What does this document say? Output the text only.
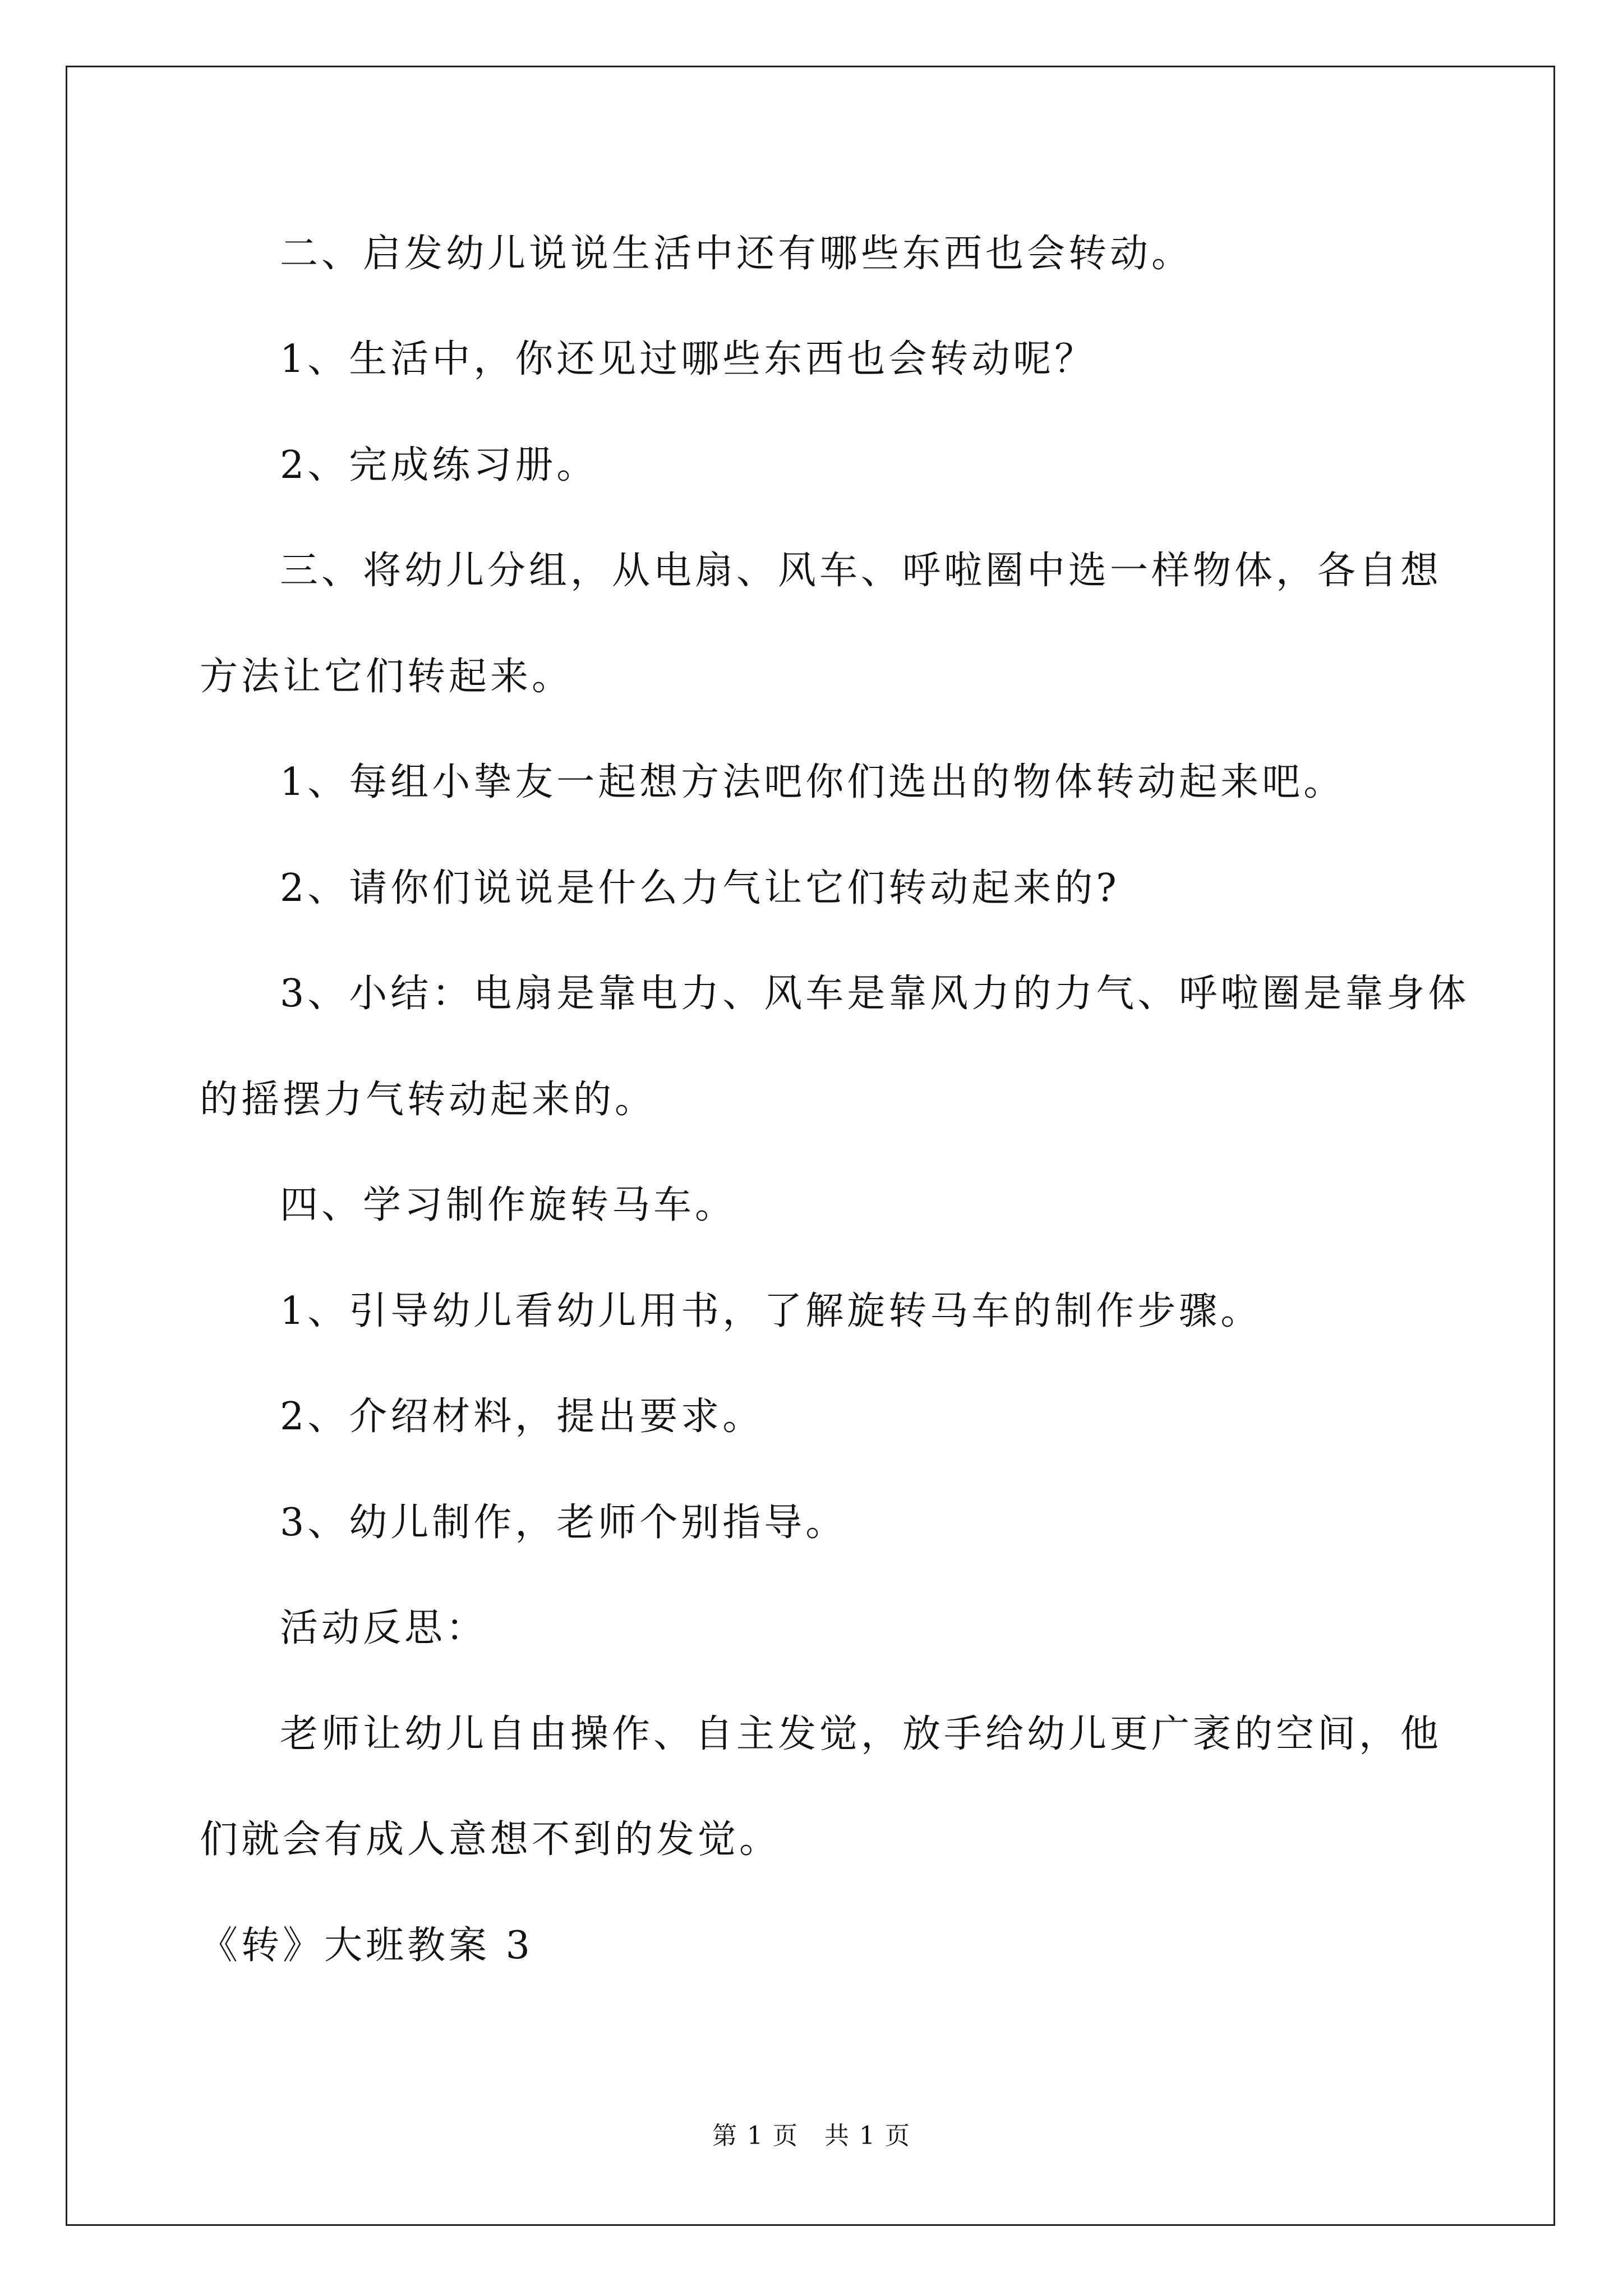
二、启发幼儿说说生活中还有哪些东西也会转动。
1、生活中，你还见过哪些东西也会转动呢？
2、完成练习册。
三、将幼儿分组，从电扇、风车、呼啦圈中选一样物体，各自想
方法让它们转起来。
1、每组小挚友一起想方法吧你们选出的物体转动起来吧。
2、请你们说说是什么力气让它们转动起来的?
3、小结：电扇是靠电力、风车是靠风力的力气、呼啦圈是靠身体
的摇摆力气转动起来的。
四、学习制作旋转马车。
1、引导幼儿看幼儿用书，了解旋转马车的制作步骤。
2、介绍材料，提出要求。
3、幼儿制作，老师个别指导。
活动反思：
老师让幼儿自由操作、自主发觉，放手给幼儿更广袤的空间，他
们就会有成人意想不到的发觉。
《转》大班教案 3
第 1 页　共 1 页
